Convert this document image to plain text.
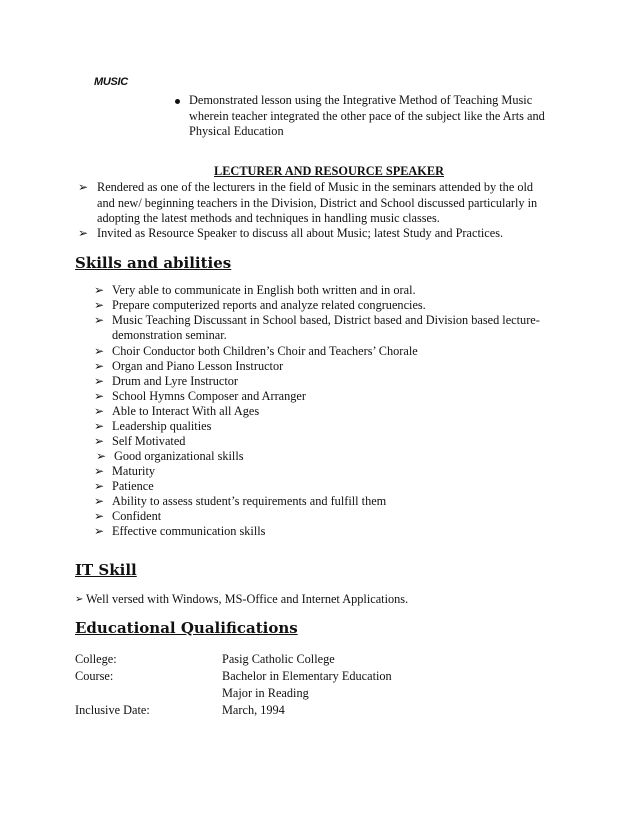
MUSIC
Demonstrated lesson using the Integrative Method of Teaching Music
wherein teacher integrated the other pace of the subject like the Arts and
Physical Education
LECTURER AND RESOURCE SPEAKER
➢ Rendered as one of the lecturers in the field of Music in the seminars attended by the old
and new/ beginning teachers in the Division, District and School discussed particularly in
adopting the latest methods and techniques in handling music classes.
➢ Invited as Resource Speaker to discuss all about Music; latest Study and Practices.
Skills and abilities
➢ Very able to communicate in English both written and in oral.
➢ Prepare computerized reports and analyze related congruencies.
➢ Music Teaching Discussant in School based, District based and Division based lecture-
demonstration seminar.
➢ Choir Conductor both Children’s Choir and Teachers’ Chorale
➢ Organ and Piano Lesson Instructor
➢ Drum and Lyre Instructor
➢ School Hymns Composer and Arranger
➢ Able to Interact With all Ages
➢ Leadership qualities
➢ Self Motivated
➢ Good organizational skills
➢ Maturity
➢ Patience
➢ Ability to assess student’s requirements and fulfill them
➢ Confident
➢ Effective communication skills
IT Skill
➢ Well versed with Windows, MS-Office and Internet Applications.
Educational Qualifications
College:	Pasig Catholic College
Course:	Bachelor in Elementary Education
Major in Reading
Inclusive Date:	March, 1994
